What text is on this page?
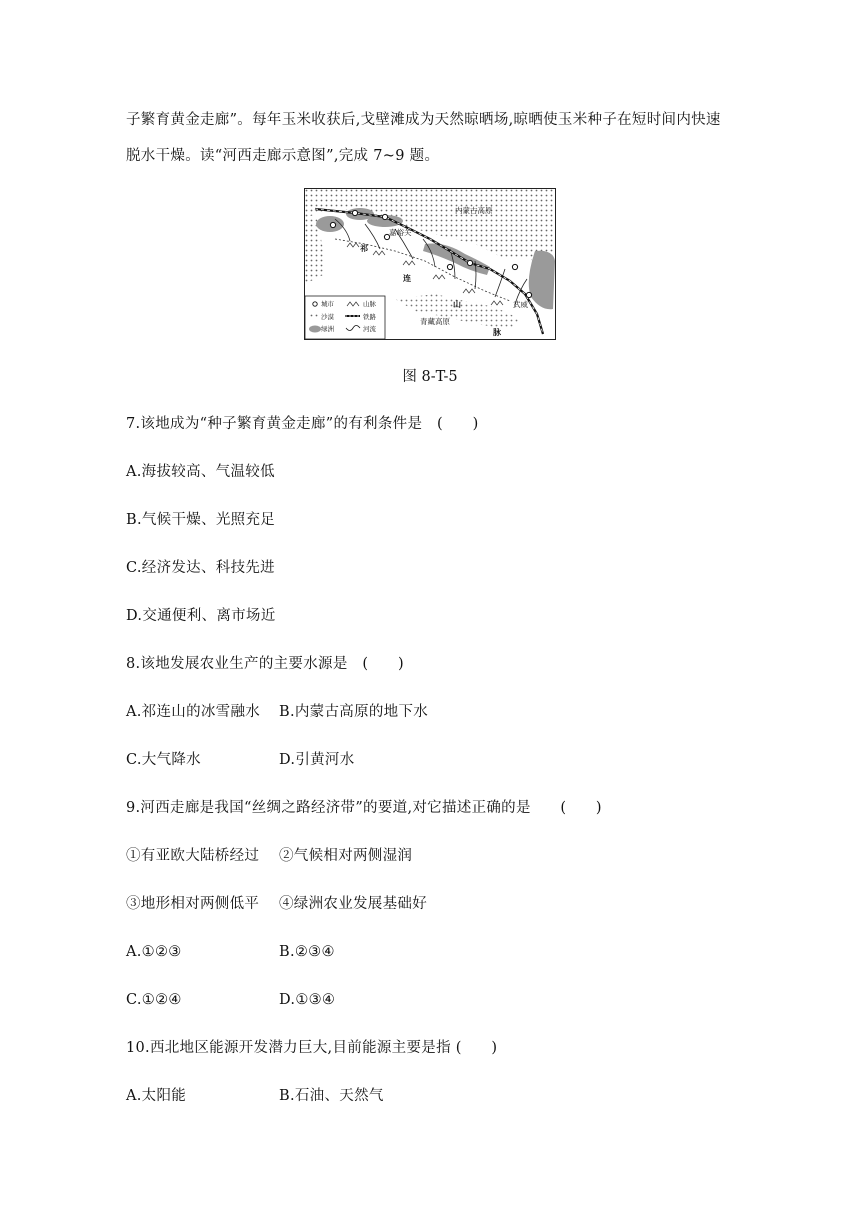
子繁育黄金走廊”。每年玉米收获后,戈壁滩成为天然晾晒场,晾晒使玉米种子在短时间内快速
脱水干燥。读“河西走廊示意图”,完成 7~9 题。
内蒙古高原
嘉峪关
武威
青藏高原
祁
连
山
脉
城市
沙漠
绿洲
山脉
铁路
河流
图 8-T-5
7.该地成为“种子繁育黄金走廊”的有利条件是　(　　)
A.海拔较高、气温较低
B.气候干燥、光照充足
C.经济发达、科技先进
D.交通便利、离市场近
8.该地发展农业生产的主要水源是　(　　)
A.祁连山的冰雪融水 B.内蒙古高原的地下水
C.大气降水	D.引黄河水
9.河西走廊是我国“丝绸之路经济带”的要道,对它描述正确的是　　(　　)
①有亚欧大陆桥经过 ②气候相对两侧湿润
③地形相对两侧低平 ④绿洲农业发展基础好
A.①②③	B.②③④
C.①②④	D.①③④
10.西北地区能源开发潜力巨大,目前能源主要是指 (　　)
A.太阳能	B.石油、天然气
